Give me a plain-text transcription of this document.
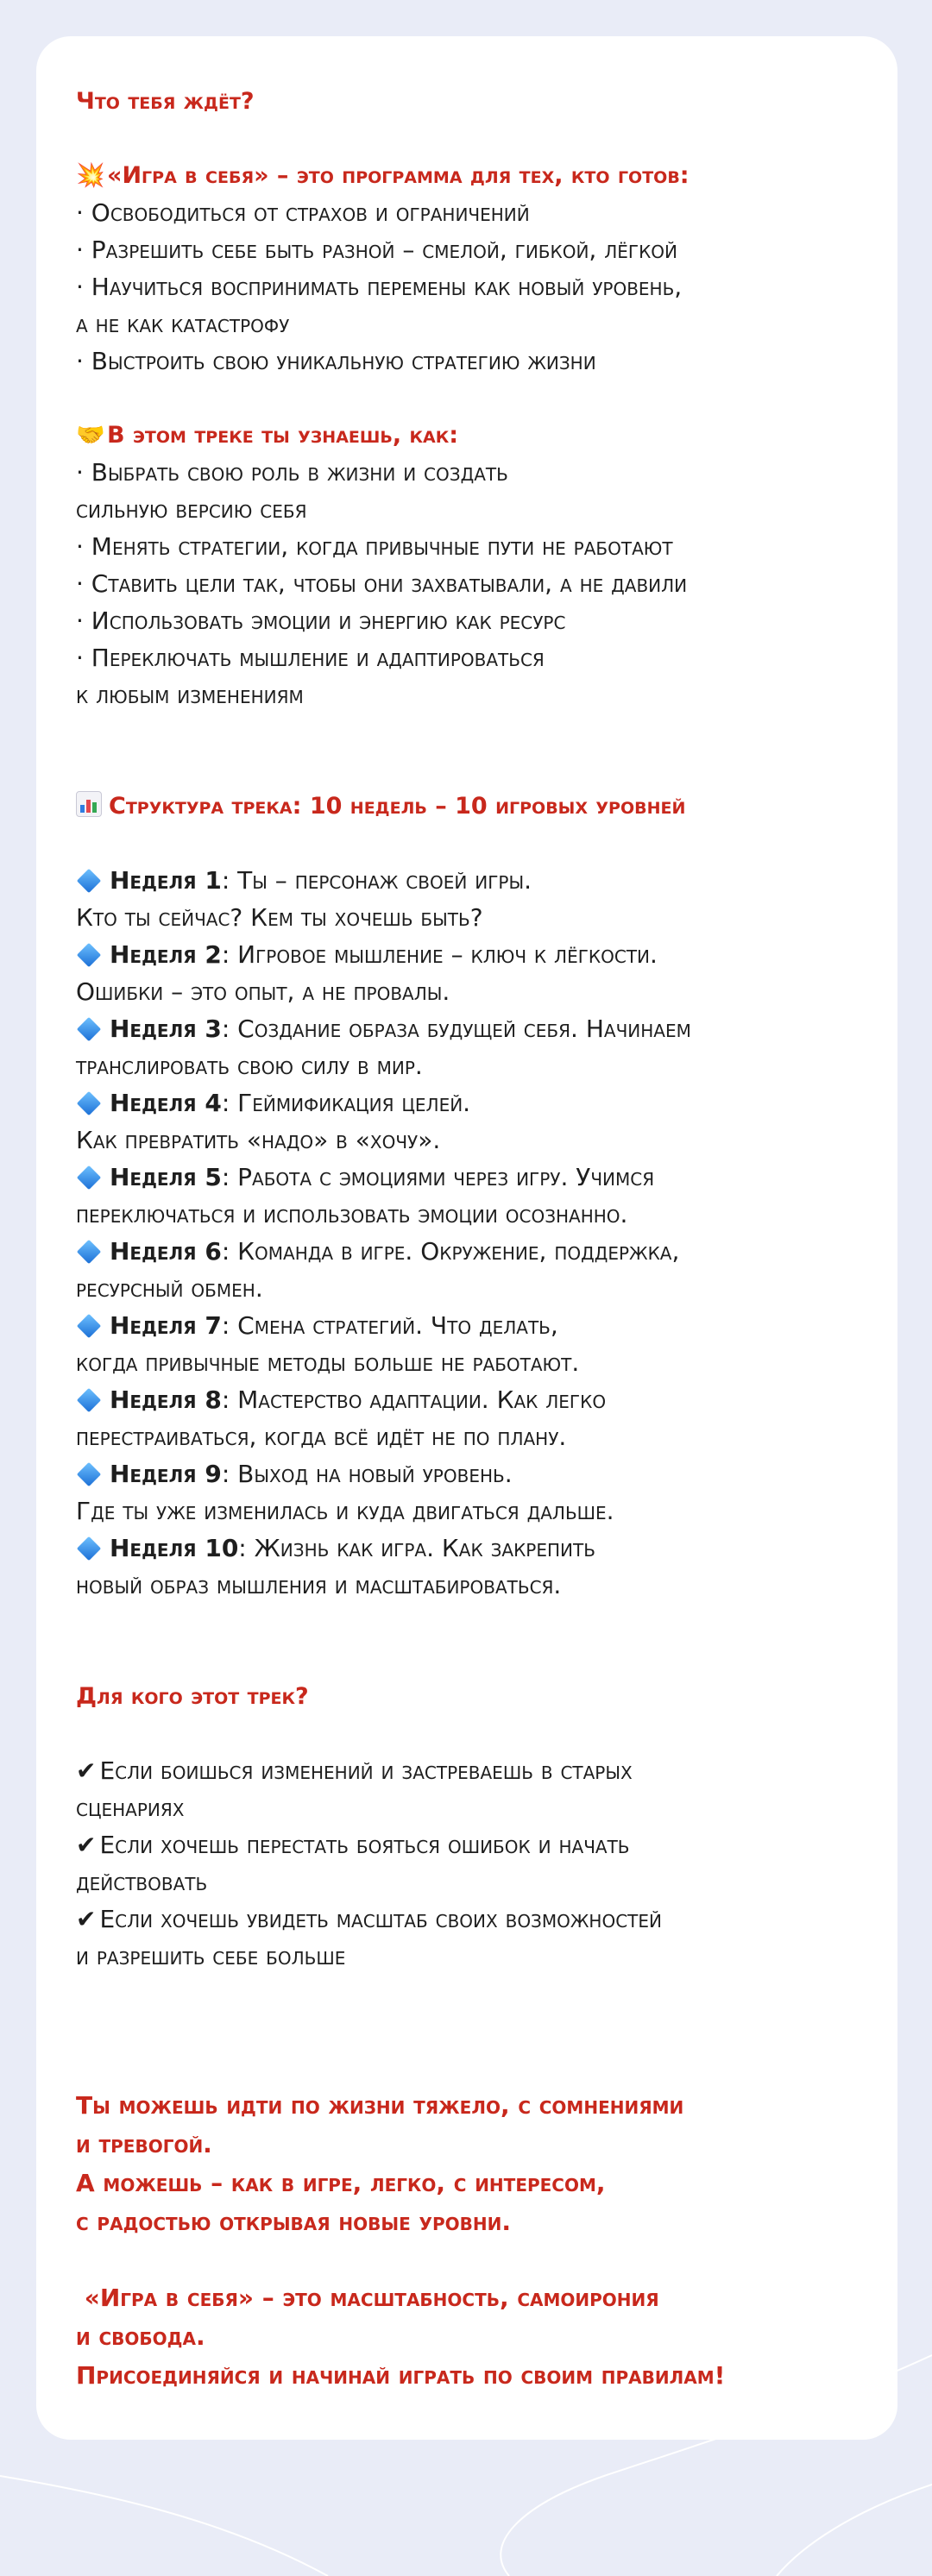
Что тебя ждёт?
💥«Игра в себя» – это программа для тех, кто готов:
· Освободиться от страхов и ограничений
· Разрешить себе быть разной – смелой, гибкой, лёгкой
· Научиться воспринимать перемены как новый уровень,
а не как катастрофу
· Выстроить свою уникальную стратегию жизни
🤝В этом треке ты узнаешь, как:
· Выбрать свою роль в жизни и создать
сильную версию себя
· Менять стратегии, когда привычные пути не работают
· Ставить цели так, чтобы они захватывали, а не давили
· Использовать эмоции и энергию как ресурс
· Переключать мышление и адаптироваться
к любым изменениям
Структура трека: 10 недель – 10 игровых уровней
Неделя 1: Ты – персонаж своей игры.
Кто ты сейчас? Кем ты хочешь быть?
Неделя 2: Игровое мышление – ключ к лёгкости.
Ошибки – это опыт, а не провалы.
Неделя 3: Создание образа будущей себя. Начинаем
транслировать свою силу в мир.
Неделя 4: Геймификация целей.
Как превратить «надо» в «хочу».
Неделя 5: Работа с эмоциями через игру. Учимся
переключаться и использовать эмоции осознанно.
Неделя 6: Команда в игре. Окружение, поддержка,
ресурсный обмен.
Неделя 7: Смена стратегий. Что делать,
когда привычные методы больше не работают.
Неделя 8: Мастерство адаптации. Как легко
перестраиваться, когда всё идёт не по плану.
Неделя 9: Выход на новый уровень.
Где ты уже изменилась и куда двигаться дальше.
Неделя 10: Жизнь как игра. Как закрепить
новый образ мышления и масштабироваться.
Для кого этот трек?
✔ Если боишься изменений и застреваешь в старых
сценариях
✔ Если хочешь перестать бояться ошибок и начать
действовать
✔ Если хочешь увидеть масштаб своих возможностей
и разрешить себе больше
Ты можешь идти по жизни тяжело, с сомнениями
и тревогой.
А можешь – как в игре, легко, с интересом,
с радостью открывая новые уровни.
«Игра в себя» – это масштабность, самоирония
и свобода.
Присоединяйся и начинай играть по своим правилам!
